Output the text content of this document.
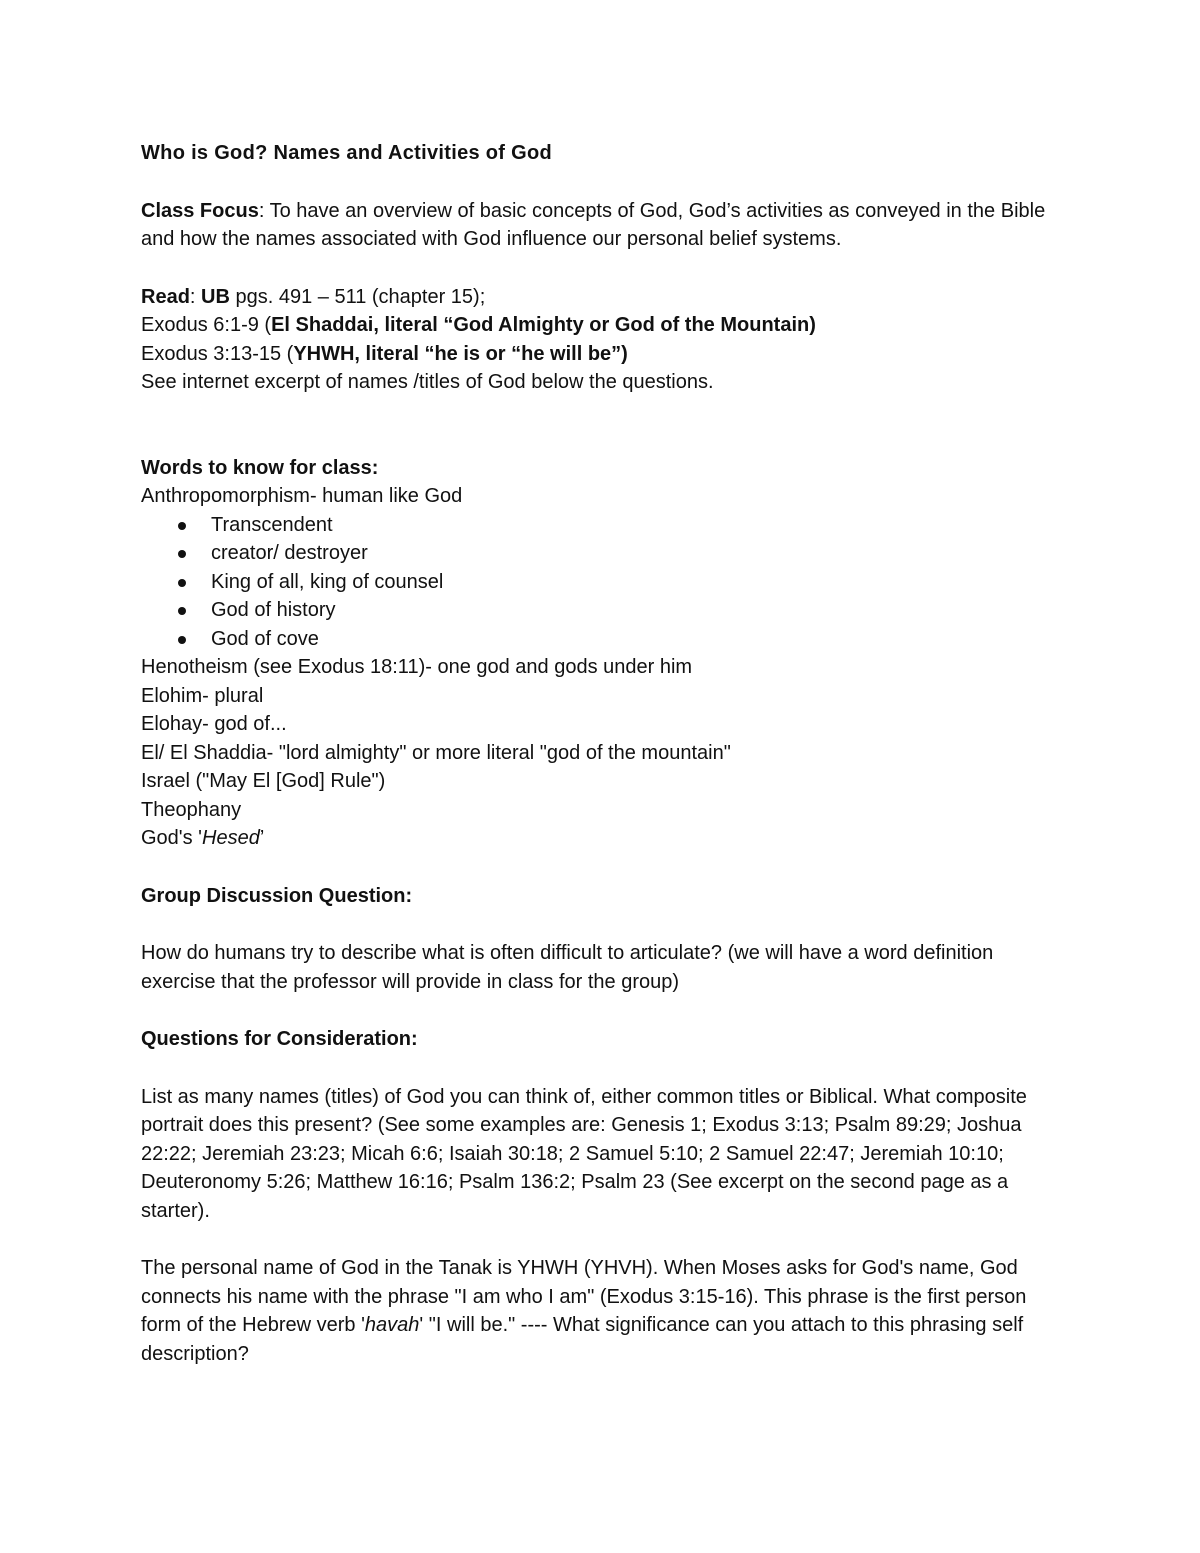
Who is God? Names and Activities of God

Class Focus: To have an overview of basic concepts of God, God’s activities as conveyed in the Bible and how the names associated with God influence our personal belief systems.

Read: UB pgs. 491 – 511 (chapter 15);

Exodus 6:1-9 (El Shaddai, literal “God Almighty or God of the Mountain)

Exodus 3:13-15 (YHWH, literal “he is or “he will be”)

See internet excerpt of names /titles of God below the questions.

Words to know for class:

Anthropomorphism- human like God

Transcendent
creator/ destroyer
King of all, king of counsel
God of history
God of cove

Henotheism (see Exodus 18:11)- one god and gods under him

Elohim- plural

Elohay- god of...

El/ El Shaddia- "lord almighty" or more literal "god of the mountain"

Israel ("May El [God] Rule")

Theophany

God's 'Hesed’

Group Discussion Question:

How do humans try to describe what is often difficult to articulate? (we will have a word definition exercise that the professor will provide in class for the group)

Questions for Consideration:

List as many names (titles) of God you can think of, either common titles or Biblical. What composite portrait does this present? (See some examples are: Genesis 1; Exodus 3:13; Psalm 89:29; Joshua 22:22; Jeremiah 23:23; Micah 6:6; Isaiah 30:18; 2 Samuel 5:10; 2 Samuel 22:47; Jeremiah 10:10; Deuteronomy 5:26; Matthew 16:16; Psalm 136:2; Psalm 23 (See excerpt on the second page as a starter).

The personal name of God in the Tanak is YHWH (YHVH). When Moses asks for God's name, God connects his name with the phrase "I am who I am" (Exodus 3:15-16). This phrase is the first person form of the Hebrew verb 'havah' "I will be." ---- What significance can you attach to this phrasing self description?
